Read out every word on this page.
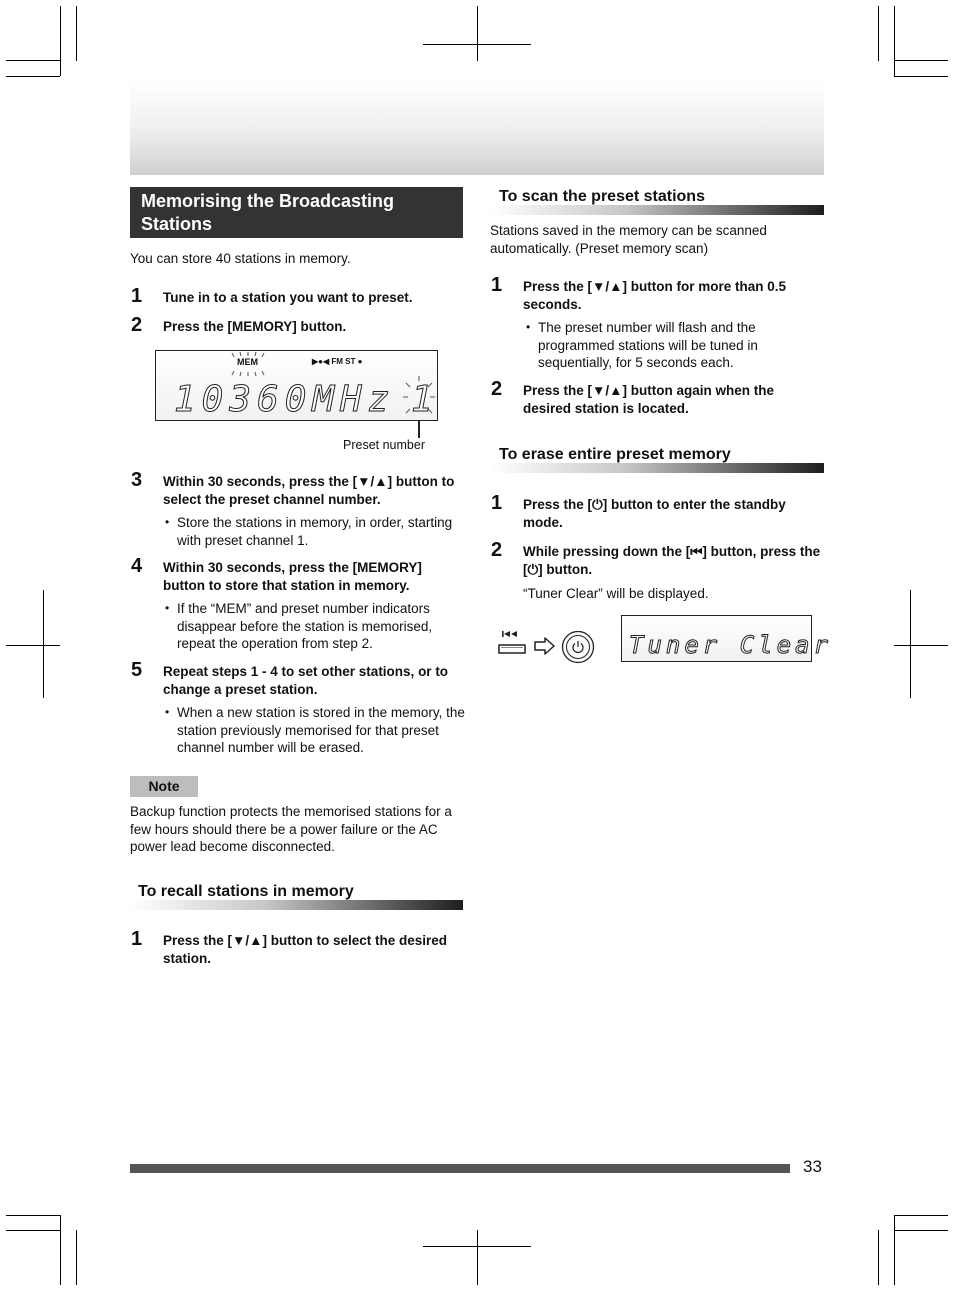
Memorising the Broadcasting Stations
You can store 40 stations in memory.
1 Tune in to a station you want to preset.
2 Press the [MEMORY] button.
MEM	▶●◀ FM ST ●
10360MHz 1
Preset number
3 Within 30 seconds, press the [▼/▲] button to select the preset channel number.
• Store the stations in memory, in order, starting with preset channel 1.
4 Within 30 seconds, press the [MEMORY] button to store that station in memory.
• If the “MEM” and preset number indicators disappear before the station is memorised, repeat the operation from step 2.
5 Repeat steps 1 - 4 to set other stations, or to change a preset station.
• When a new station is stored in the memory, the station previously memorised for that preset channel number will be erased.
Note
Backup function protects the memorised stations for a few hours should there be a power failure or the AC power lead become disconnected.
To recall stations in memory
1 Press the [▼/▲] button to select the desired station.
To scan the preset stations
Stations saved in the memory can be scanned automatically. (Preset memory scan)
1 Press the [▼/▲] button for more than 0.5 seconds.
• The preset number will flash and the programmed stations will be tuned in sequentially, for 5 seconds each.
2 Press the [▼/▲] button again when the desired station is located.
To erase entire preset memory
1 Press the [⏻] button to enter the standby mode.
2 While pressing down the [⏮] button, press the [⏻] button.
“Tuner Clear” will be displayed.
Tuner Clear
33
